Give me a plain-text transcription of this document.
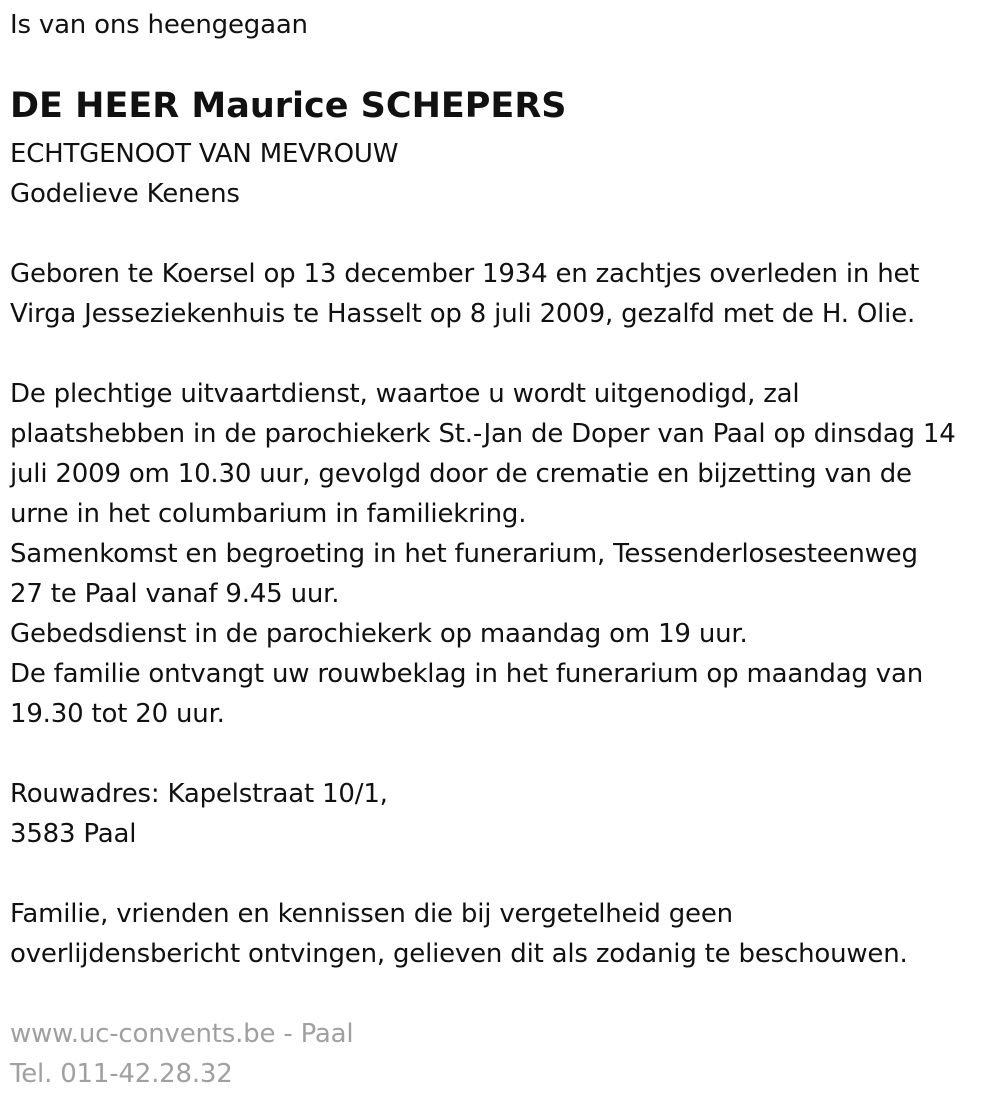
Is van ons heengegaan
DE HEER Maurice SCHEPERS
ECHTGENOOT VAN MEVROUW
Godelieve Kenens
Geboren te Koersel op 13 december 1934 en zachtjes overleden in het
Virga Jesseziekenhuis te Hasselt op 8 juli 2009, gezalfd met de H. Olie.
De plechtige uitvaartdienst, waartoe u wordt uitgenodigd, zal
plaatshebben in de parochiekerk St.-Jan de Doper van Paal op dinsdag 14
juli 2009 om 10.30 uur, gevolgd door de crematie en bijzetting van de
urne in het columbarium in familiekring.
Samenkomst en begroeting in het funerarium, Tessenderlosesteenweg
27 te Paal vanaf 9.45 uur.
Gebedsdienst in de parochiekerk op maandag om 19 uur.
De familie ontvangt uw rouwbeklag in het funerarium op maandag van
19.30 tot 20 uur.
Rouwadres: Kapelstraat 10/1,
3583 Paal
Familie, vrienden en kennissen die bij vergetelheid geen
overlijdensbericht ontvingen, gelieven dit als zodanig te beschouwen.
www.uc-convents.be - Paal
Tel. 011-42.28.32
